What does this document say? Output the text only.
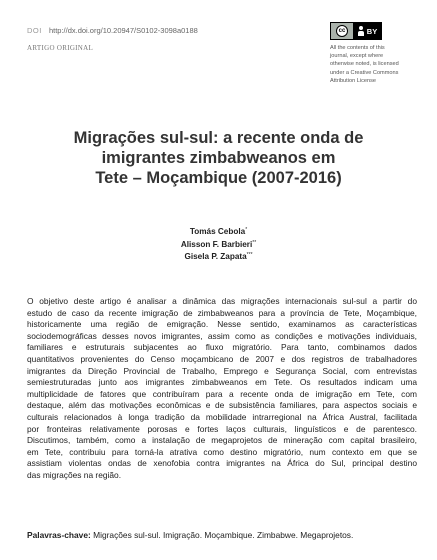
DOI http://dx.doi.org/10.20947/S0102-3098a0188
ARTIGO ORIGINAL
cc	BY
All the contents of this
journal, except where
otherwise noted, is licensed
under a Creative Commons
Attribution License
Migrações sul-sul: a recente onda de
imigrantes zimbabweanos em
Tete – Moçambique (2007-2016)
Tomás Cebola*
Alisson F. Barbieri**
Gisela P. Zapata***
O objetivo deste artigo é analisar a dinâmica das migrações internacionais sul-sul a partir do
estudo de caso da recente imigração de zimbabweanos para a província de Tete, Moçambique,
historicamente uma região de emigração. Nesse sentido, examinamos as características
sociodemográficas desses novos imigrantes, assim como as condições e motivações individuais,
familiares e estruturais subjacentes ao fluxo migratório. Para tanto, combinamos dados
quantitativos provenientes do Censo moçambicano de 2007 e dos registros de trabalhadores
imigrantes da Direção Provincial de Trabalho, Emprego e Segurança Social, com entrevistas
semiestruturadas junto aos imigrantes zimbabweanos em Tete. Os resultados indicam uma
multiplicidade de fatores que contribuíram para a recente onda de imigração em Tete, com
destaque, além das motivações econômicas e de subsistência familiares, para aspectos sociais e
culturais relacionados à longa tradição da mobilidade intrarregional na África Austral, facilitada
por fronteiras relativamente porosas e fortes laços culturais, linguísticos e de parentesco.
Discutimos, também, como a instalação de megaprojetos de mineração com capital brasileiro,
em Tete, contribuiu para torná-la atrativa como destino migratório, num contexto em que se
assistiam violentas ondas de xenofobia contra imigrantes na África do Sul, principal destino
das migrações na região.
Palavras-chave: Migrações sul-sul. Imigração. Moçambique. Zimbabwe. Megaprojetos.
